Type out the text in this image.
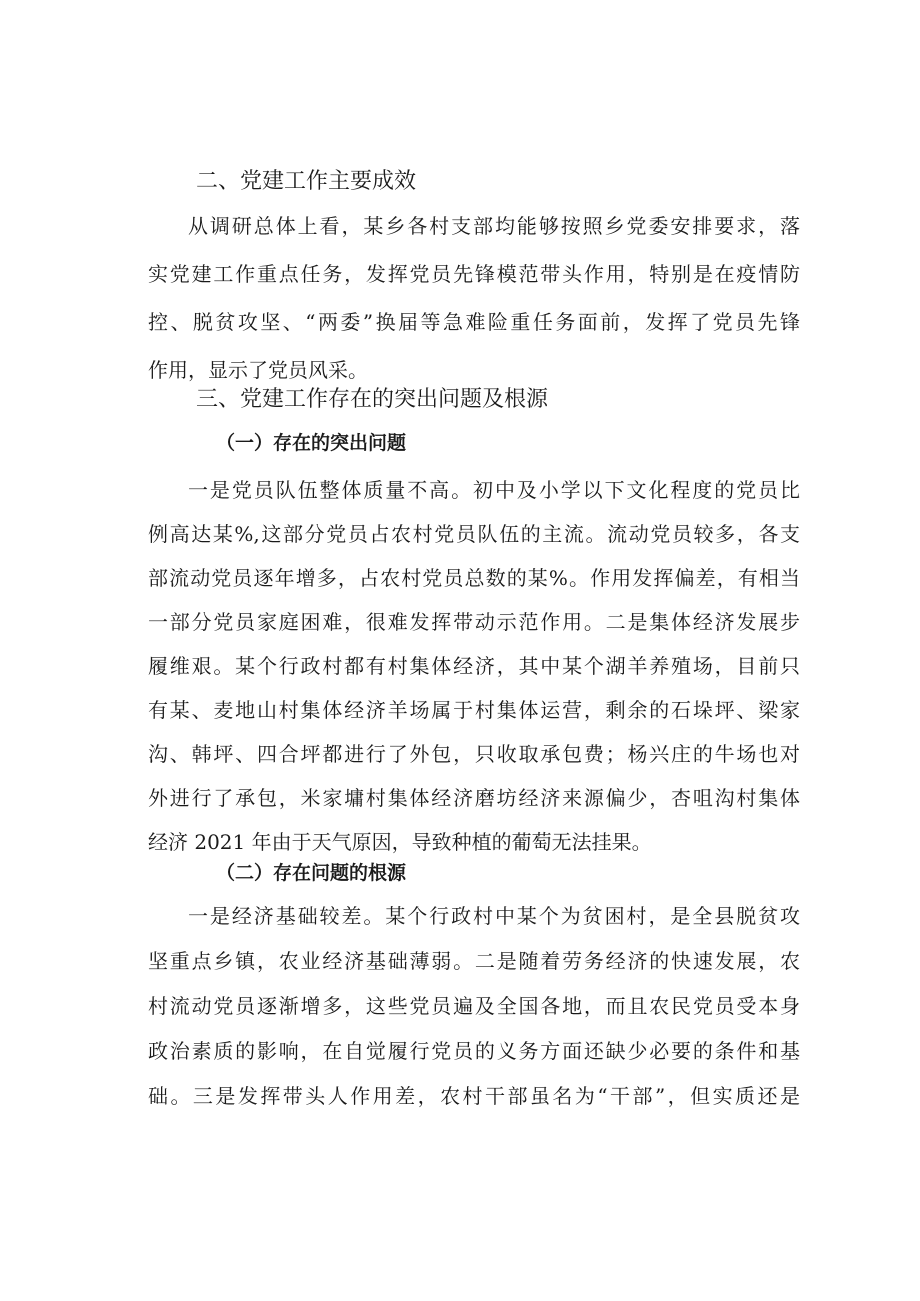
二、党建工作主要成效
从调研总体上看，某乡各村支部均能够按照乡党委安排要求，落
实党建工作重点任务，发挥党员先锋模范带头作用，特别是在疫情防
控、脱贫攻坚、“两委”换届等急难险重任务面前，发挥了党员先锋
作用，显示了党员风采。
三、党建工作存在的突出问题及根源
（一）存在的突出问题
一是党员队伍整体质量不高。初中及小学以下文化程度的党员比
例高达某%,这部分党员占农村党员队伍的主流。流动党员较多，各支
部流动党员逐年增多，占农村党员总数的某%。作用发挥偏差，有相当
一部分党员家庭困难，很难发挥带动示范作用。二是集体经济发展步
履维艰。某个行政村都有村集体经济，其中某个湖羊养殖场，目前只
有某、麦地山村集体经济羊场属于村集体运营，剩余的石垛坪、梁家
沟、韩坪、四合坪都进行了外包，只收取承包费；杨兴庄的牛场也对
外进行了承包，米家墉村集体经济磨坊经济来源偏少，杏咀沟村集体
经济 2021 年由于天气原因，导致种植的葡萄无法挂果。
（二）存在问题的根源
一是经济基础较差。某个行政村中某个为贫困村，是全县脱贫攻
坚重点乡镇，农业经济基础薄弱。二是随着劳务经济的快速发展，农
村流动党员逐渐增多，这些党员遍及全国各地，而且农民党员受本身
政治素质的影响，在自觉履行党员的义务方面还缺少必要的条件和基
础。三是发挥带头人作用差，农村干部虽名为“干部”，但实质还是
